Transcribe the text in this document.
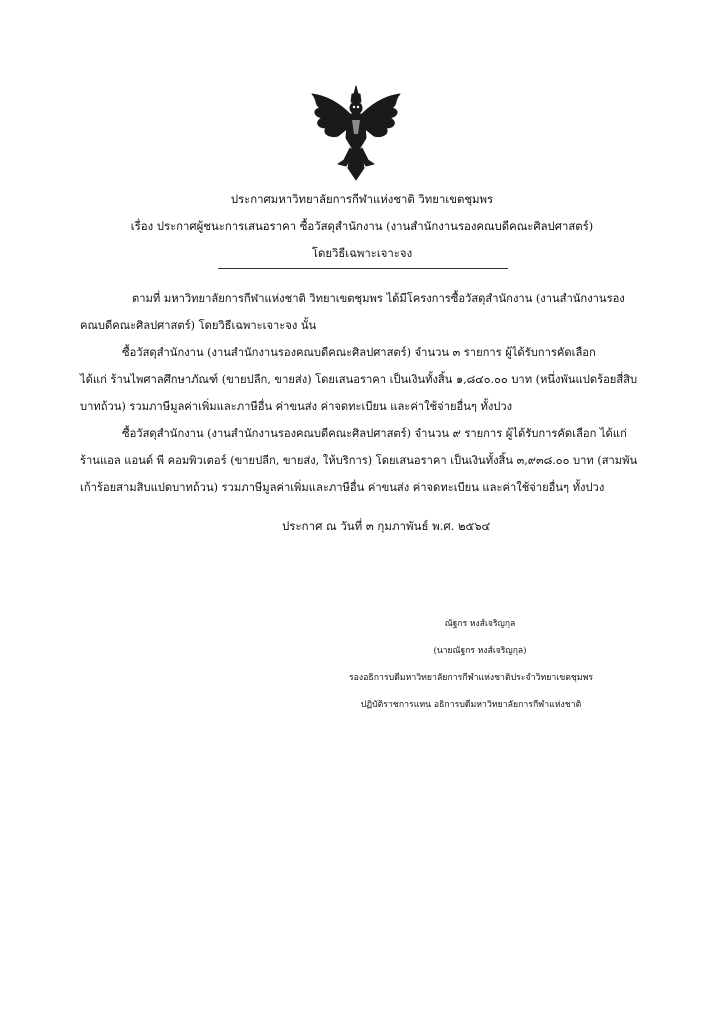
ประกาศมหาวิทยาลัยการกีฬาแห่งชาติ วิทยาเขตชุมพร
เรื่อง ประกาศผู้ชนะการเสนอราคา ซื้อวัสดุสำนักงาน (งานสำนักงานรองคณบดีคณะศิลปศาสตร์)
โดยวิธีเฉพาะเจาะจง
ตามที่ มหาวิทยาลัยการกีฬาแห่งชาติ วิทยาเขตชุมพร ได้มีโครงการซื้อวัสดุสำนักงาน (งานสำนักงานรอง
คณบดีคณะศิลปศาสตร์) โดยวิธีเฉพาะเจาะจง นั้น
ซื้อวัสดุสำนักงาน (งานสำนักงานรองคณบดีคณะศิลปศาสตร์) จำนวน ๓ รายการ ผู้ได้รับการคัดเลือก
ได้แก่ ร้านไพศาลศึกษาภัณฑ์ (ขายปลีก, ขายส่ง) โดยเสนอราคา เป็นเงินทั้งสิ้น ๑,๘๔๐.๐๐ บาท (หนึ่งพันแปดร้อยสี่สิบ
บาทถ้วน) รวมภาษีมูลค่าเพิ่มและภาษีอื่น ค่าขนส่ง ค่าจดทะเบียน และค่าใช้จ่ายอื่นๆ ทั้งปวง
ซื้อวัสดุสำนักงาน (งานสำนักงานรองคณบดีคณะศิลปศาสตร์) จำนวน ๙ รายการ ผู้ได้รับการคัดเลือก ได้แก่
ร้านแอล แอนด์ พี คอมพิวเตอร์ (ขายปลีก, ขายส่ง, ให้บริการ) โดยเสนอราคา เป็นเงินทั้งสิ้น ๓,๙๓๘.๐๐ บาท (สามพัน
เก้าร้อยสามสิบแปดบาทถ้วน) รวมภาษีมูลค่าเพิ่มและภาษีอื่น ค่าขนส่ง ค่าจดทะเบียน และค่าใช้จ่ายอื่นๆ ทั้งปวง
ประกาศ ณ วันที่ ๓ กุมภาพันธ์ พ.ศ. ๒๕๖๔
ณัฐกร หงส์เจริญกุล
(นายณัฐกร หงส์เจริญกุล)
รองอธิการบดีมหาวิทยาลัยการกีฬาแห่งชาติประจำวิทยาเขตชุมพร
ปฏิบัติราชการแทน อธิการบดีมหาวิทยาลัยการกีฬาแห่งชาติ
